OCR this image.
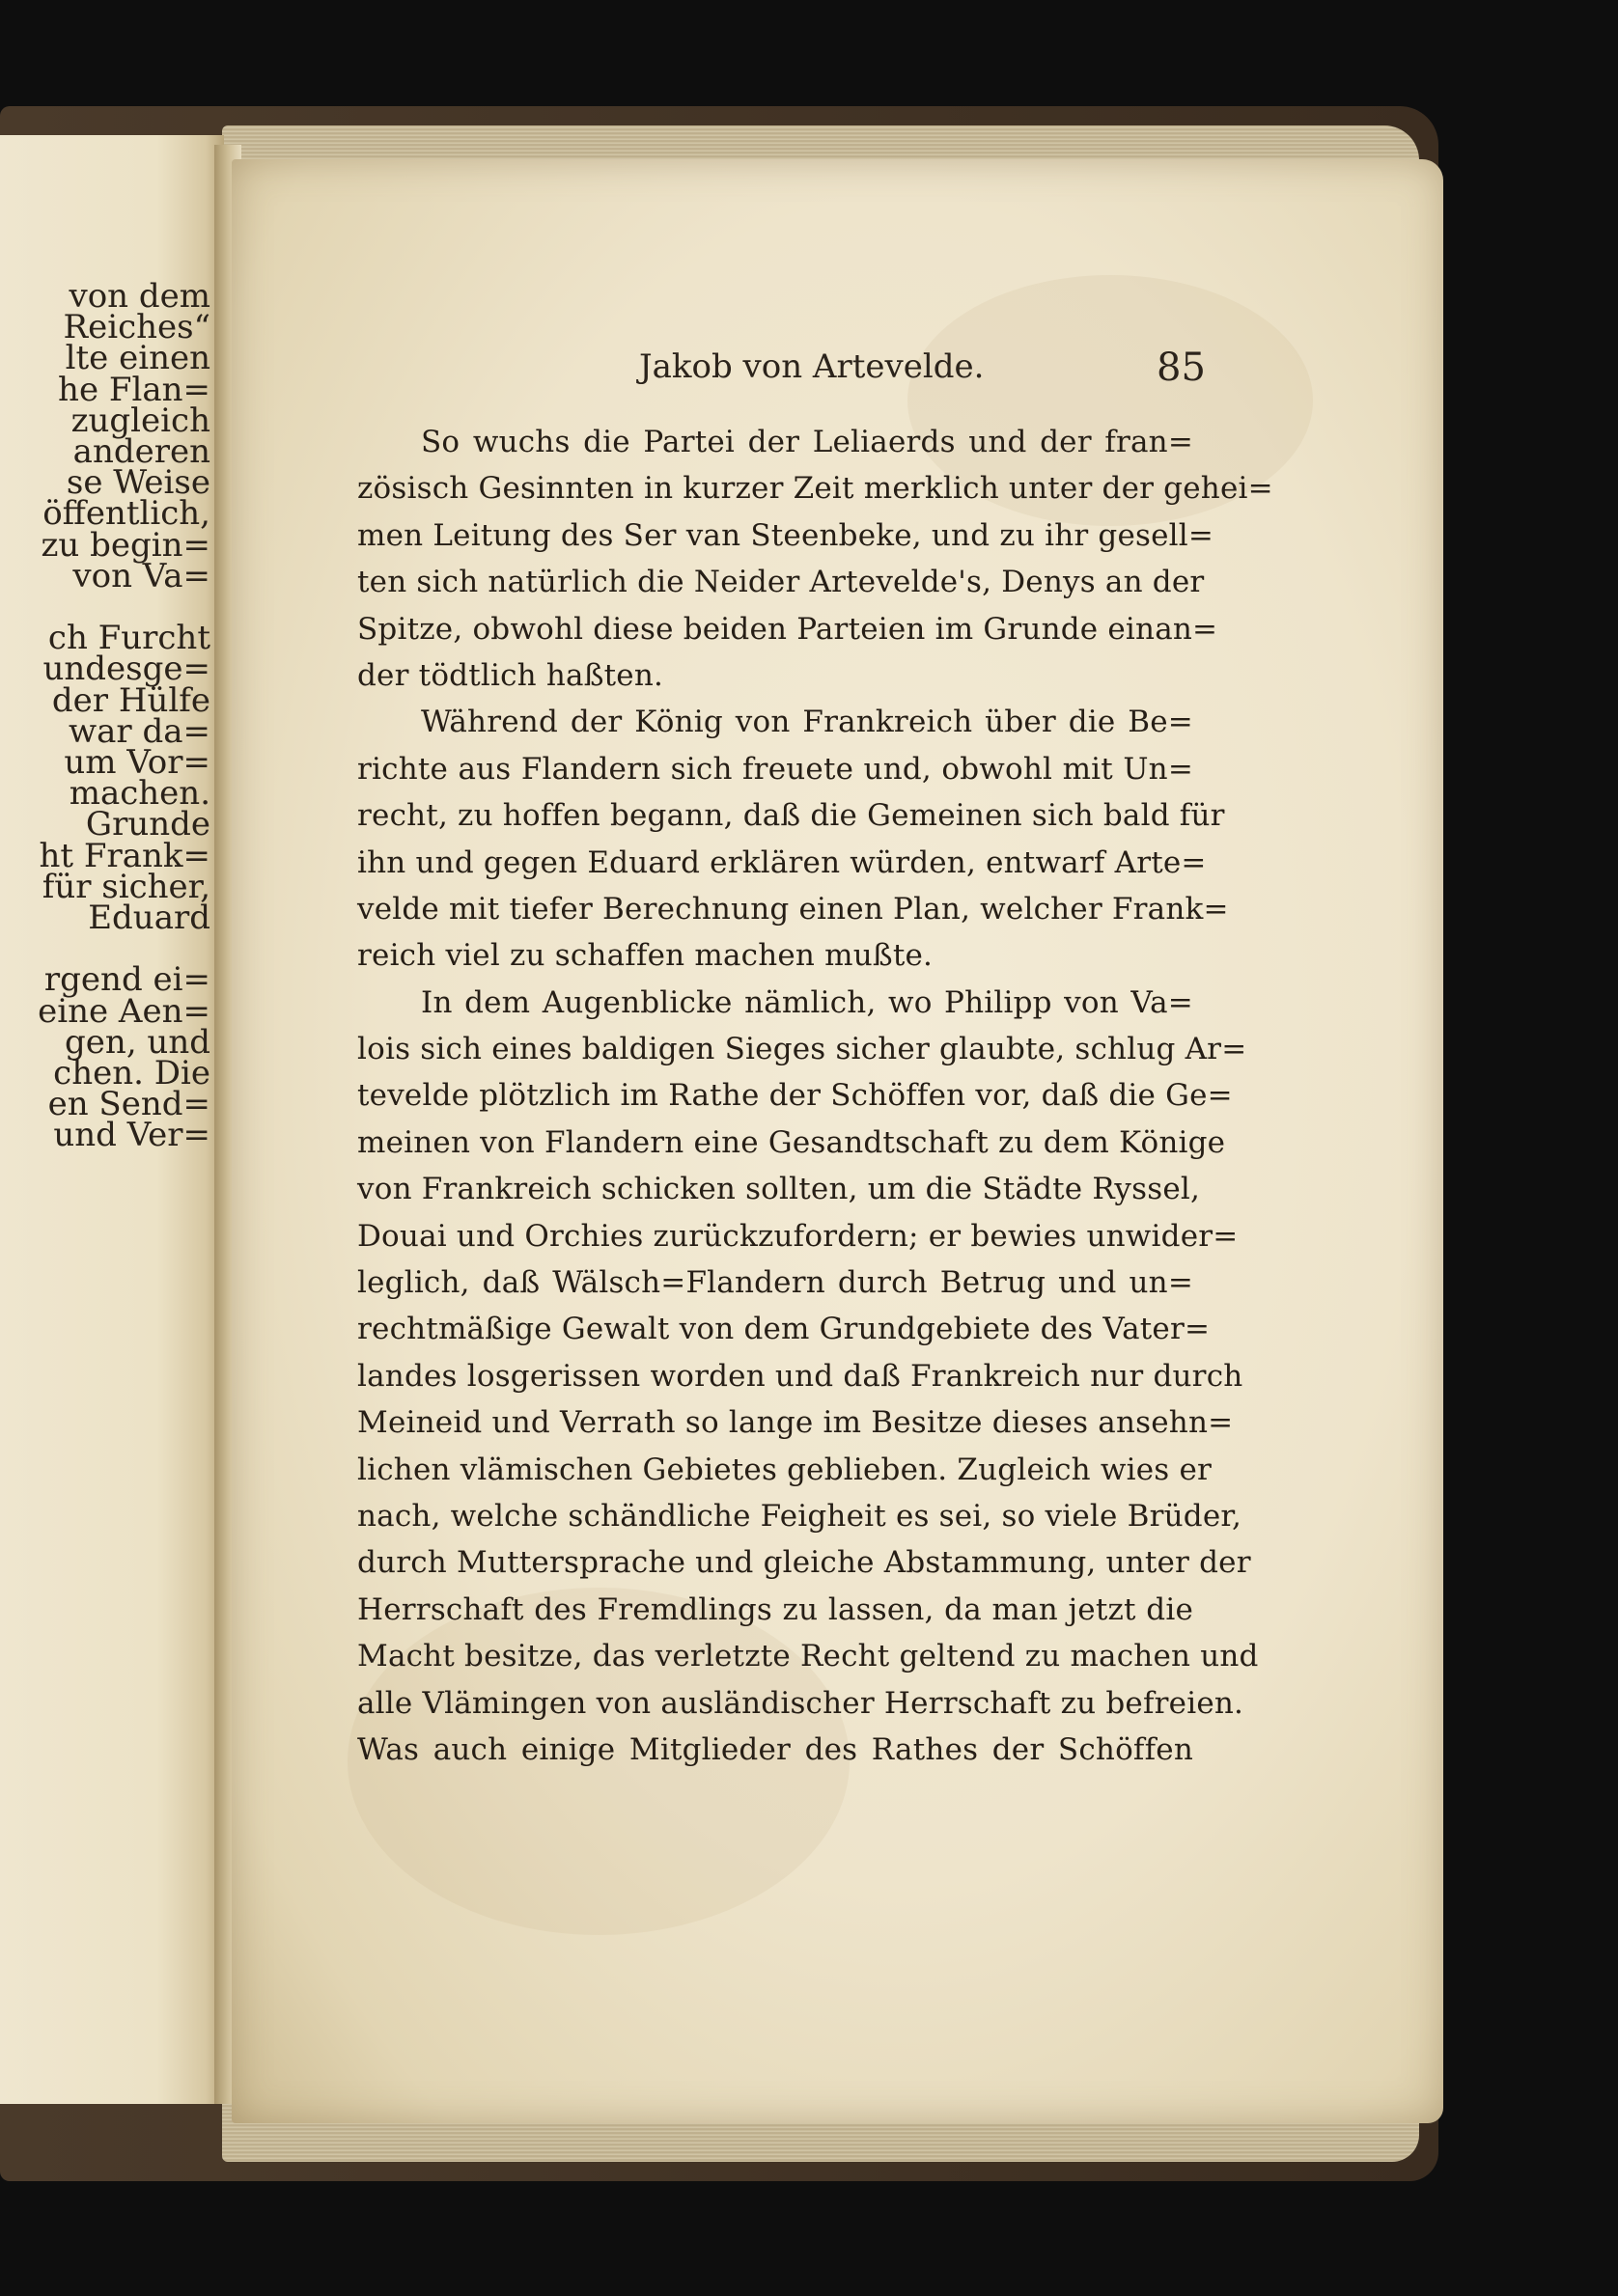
von dem
Reiches“
lte einen
he Flan=
zugleich
anderen
se Weise
öffentlich,
zu begin=
von Va=
ch Furcht
undesge=
der Hülfe
war da=
um Vor=
machen.
Grunde
ht Frank=
für sicher,
Eduard
rgend ei=
eine Aen=
gen, und
chen. Die
en Send=
und Ver=
Jakob von Artevelde.	85
So wuchs die Partei der Leliaerds und der fran=
zösisch Gesinnten in kurzer Zeit merklich unter der gehei=
men Leitung des Ser van Steenbeke, und zu ihr gesell=
ten sich natürlich die Neider Artevelde's, Denys an der
Spitze, obwohl diese beiden Parteien im Grunde einan=
der tödtlich haßten.
Während der König von Frankreich über die Be=
richte aus Flandern sich freuete und, obwohl mit Un=
recht, zu hoffen begann, daß die Gemeinen sich bald für
ihn und gegen Eduard erklären würden, entwarf Arte=
velde mit tiefer Berechnung einen Plan, welcher Frank=
reich viel zu schaffen machen mußte.
In dem Augenblicke nämlich, wo Philipp von Va=
lois sich eines baldigen Sieges sicher glaubte, schlug Ar=
tevelde plötzlich im Rathe der Schöffen vor, daß die Ge=
meinen von Flandern eine Gesandtschaft zu dem Könige
von Frankreich schicken sollten, um die Städte Ryssel,
Douai und Orchies zurückzufordern; er bewies unwider=
leglich, daß Wälsch=Flandern durch Betrug und un=
rechtmäßige Gewalt von dem Grundgebiete des Vater=
landes losgerissen worden und daß Frankreich nur durch
Meineid und Verrath so lange im Besitze dieses ansehn=
lichen vlämischen Gebietes geblieben. Zugleich wies er
nach, welche schändliche Feigheit es sei, so viele Brüder,
durch Muttersprache und gleiche Abstammung, unter der
Herrschaft des Fremdlings zu lassen, da man jetzt die
Macht besitze, das verletzte Recht geltend zu machen und
alle Vlämingen von ausländischer Herrschaft zu befreien.
Was auch einige Mitglieder des Rathes der Schöffen
